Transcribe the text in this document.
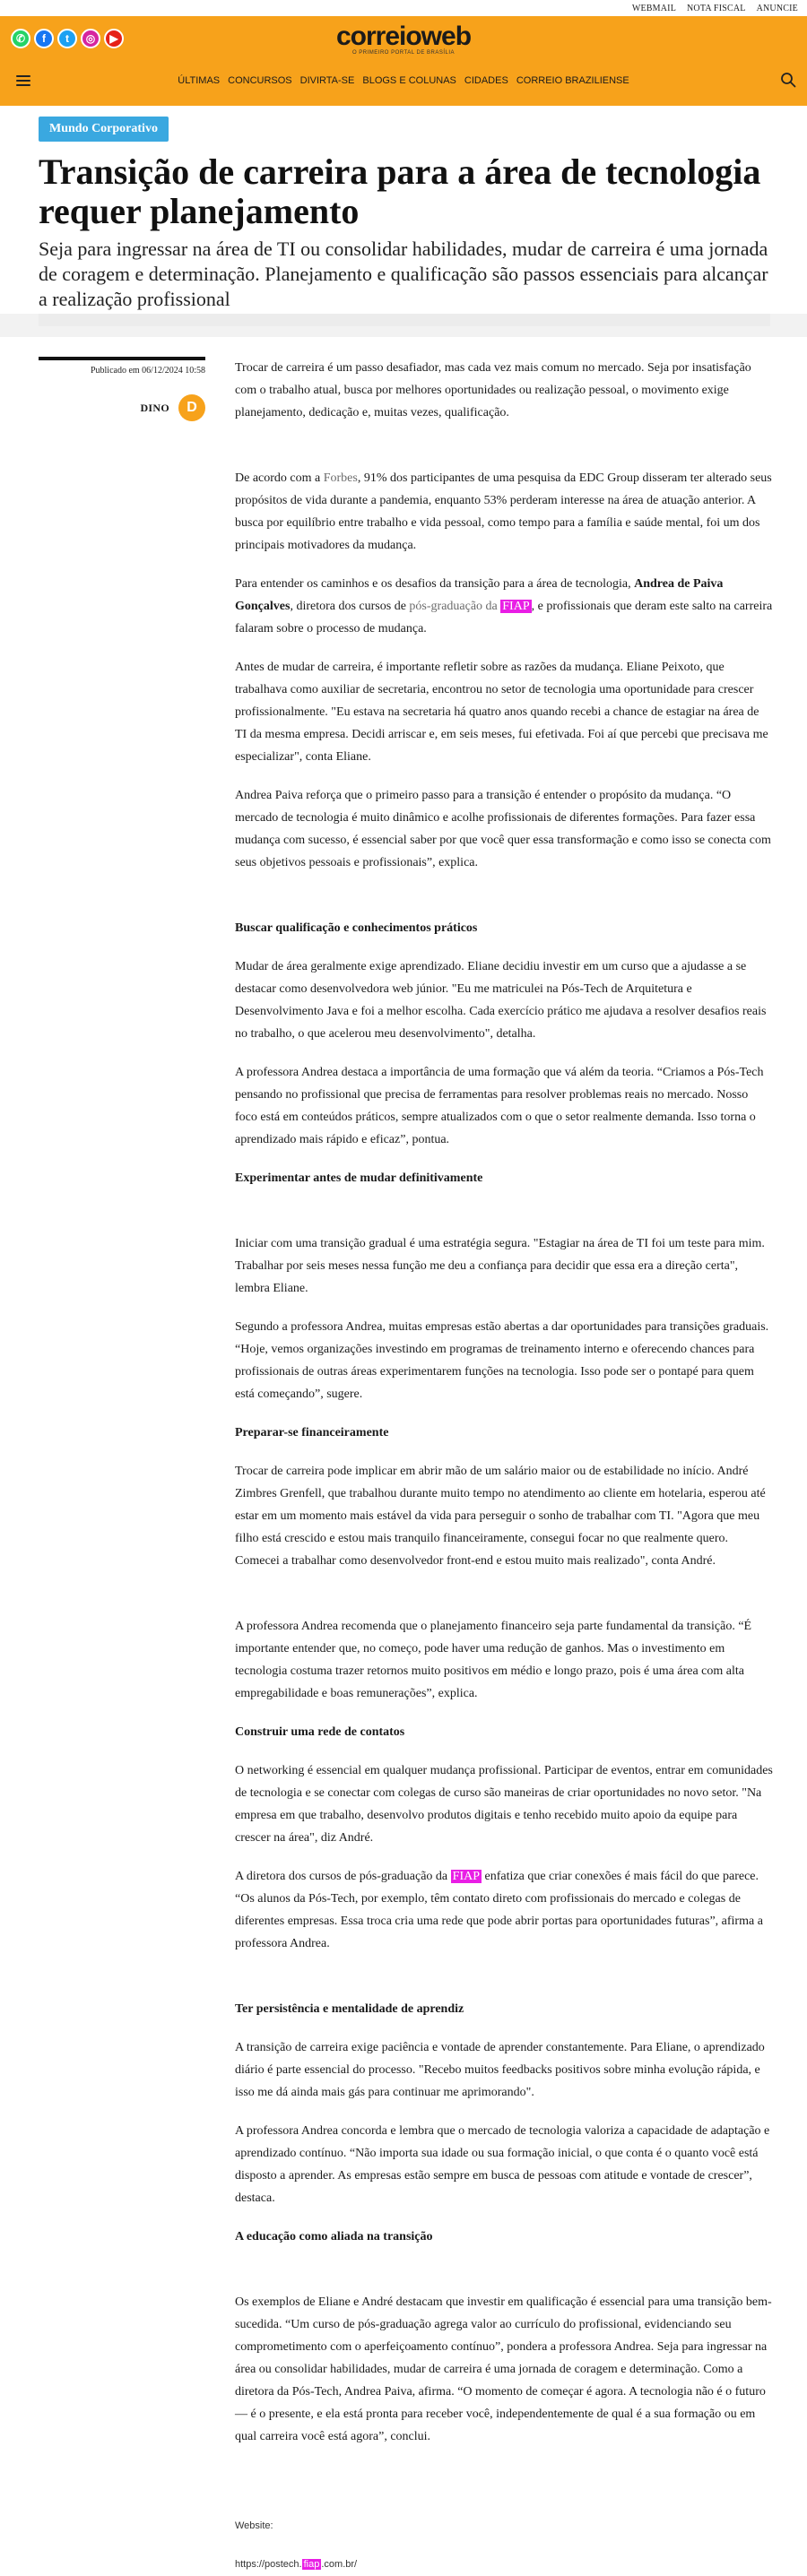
WEBMAIL NOTA FISCAL ANUNCIE
✆	f	t	◎	▶	correioweb
O PRIMEIRO PORTAL DE BRASÍLIA
ÚLTIMAS CONCURSOS DIVIRTA-SE BLOGS E COLUNAS CIDADES CORREIO BRAZILIENSE
Mundo Corporativo
Transição de carreira para a área de tecnologia requer planejamento
Seja para ingressar na área de TI ou consolidar habilidades, mudar de carreira é uma jornada de coragem e determinação. Planejamento e qualificação são passos essenciais para alcançar a realização profissional
Publicado em 06/12/2024 10:58
DINO	D

Trocar de carreira é um passo desafiador, mas cada vez mais comum no mercado. Seja por insatisfação com o trabalho atual, busca por melhores oportunidades ou realização pessoal, o movimento exige planejamento, dedicação e, muitas vezes, qualificação.

De acordo com a Forbes, 91% dos participantes de uma pesquisa da EDC Group disseram ter alterado seus propósitos de vida durante a pandemia, enquanto 53% perderam interesse na área de atuação anterior. A busca por equilíbrio entre trabalho e vida pessoal, como tempo para a família e saúde mental, foi um dos principais motivadores da mudança.

Para entender os caminhos e os desafios da transição para a área de tecnologia, Andrea de Paiva Gonçalves, diretora dos cursos de pós-graduação da FIAP , e profissionais que deram este salto na carreira falaram sobre o processo de mudança.

Antes de mudar de carreira, é importante refletir sobre as razões da mudança. Eliane Peixoto, que trabalhava como auxiliar de secretaria, encontrou no setor de tecnologia uma oportunidade para crescer profissionalmente. "Eu estava na secretaria há quatro anos quando recebi a chance de estagiar na área de TI da mesma empresa. Decidi arriscar e, em seis meses, fui efetivada. Foi aí que percebi que precisava me especializar", conta Eliane.

Andrea Paiva reforça que o primeiro passo para a transição é entender o propósito da mudança. “O mercado de tecnologia é muito dinâmico e acolhe profissionais de diferentes formações. Para fazer essa mudança com sucesso, é essencial saber por que você quer essa transformação e como isso se conecta com seus objetivos pessoais e profissionais”, explica.

Buscar qualificação e conhecimentos práticos

Mudar de área geralmente exige aprendizado. Eliane decidiu investir em um curso que a ajudasse a se destacar como desenvolvedora web júnior. "Eu me matriculei na Pós-Tech de Arquitetura e Desenvolvimento Java e foi a melhor escolha. Cada exercício prático me ajudava a resolver desafios reais no trabalho, o que acelerou meu desenvolvimento", detalha.

A professora Andrea destaca a importância de uma formação que vá além da teoria. “Criamos a Pós-Tech pensando no profissional que precisa de ferramentas para resolver problemas reais no mercado. Nosso foco está em conteúdos práticos, sempre atualizados com o que o setor realmente demanda. Isso torna o aprendizado mais rápido e eficaz”, pontua.

Experimentar antes de mudar definitivamente

Iniciar com uma transição gradual é uma estratégia segura. "Estagiar na área de TI foi um teste para mim. Trabalhar por seis meses nessa função me deu a confiança para decidir que essa era a direção certa", lembra Eliane.

Segundo a professora Andrea, muitas empresas estão abertas a dar oportunidades para transições graduais. “Hoje, vemos organizações investindo em programas de treinamento interno e oferecendo chances para profissionais de outras áreas experimentarem funções na tecnologia. Isso pode ser o pontapé para quem está começando”, sugere.

Preparar-se financeiramente

Trocar de carreira pode implicar em abrir mão de um salário maior ou de estabilidade no início. André Zimbres Grenfell, que trabalhou durante muito tempo no atendimento ao cliente em hotelaria, esperou até estar em um momento mais estável da vida para perseguir o sonho de trabalhar com TI. "Agora que meu filho está crescido e estou mais tranquilo financeiramente, consegui focar no que realmente quero. Comecei a trabalhar como desenvolvedor front-end e estou muito mais realizado", conta André.

A professora Andrea recomenda que o planejamento financeiro seja parte fundamental da transição. “É importante entender que, no começo, pode haver uma redução de ganhos. Mas o investimento em tecnologia costuma trazer retornos muito positivos em médio e longo prazo, pois é uma área com alta empregabilidade e boas remunerações”, explica.

Construir uma rede de contatos

O networking é essencial em qualquer mudança profissional. Participar de eventos, entrar em comunidades de tecnologia e se conectar com colegas de curso são maneiras de criar oportunidades no novo setor. "Na empresa em que trabalho, desenvolvo produtos digitais e tenho recebido muito apoio da equipe para crescer na área", diz André.

A diretora dos cursos de pós-graduação da FIAP enfatiza que criar conexões é mais fácil do que parece. “Os alunos da Pós-Tech, por exemplo, têm contato direto com profissionais do mercado e colegas de diferentes empresas. Essa troca cria uma rede que pode abrir portas para oportunidades futuras”, afirma a professora Andrea.

Ter persistência e mentalidade de aprendiz

A transição de carreira exige paciência e vontade de aprender constantemente. Para Eliane, o aprendizado diário é parte essencial do processo. "Recebo muitos feedbacks positivos sobre minha evolução rápida, e isso me dá ainda mais gás para continuar me aprimorando".

A professora Andrea concorda e lembra que o mercado de tecnologia valoriza a capacidade de adaptação e aprendizado contínuo. “Não importa sua idade ou sua formação inicial, o que conta é o quanto você está disposto a aprender. As empresas estão sempre em busca de pessoas com atitude e vontade de crescer”, destaca.

A educação como aliada na transição

Os exemplos de Eliane e André destacam que investir em qualificação é essencial para uma transição bem-sucedida. “Um curso de pós-graduação agrega valor ao currículo do profissional, evidenciando seu comprometimento com o aperfeiçoamento contínuo”, pondera a professora Andrea. Seja para ingressar na área ou consolidar habilidades, mudar de carreira é uma jornada de coragem e determinação. Como a diretora da Pós-Tech, Andrea Paiva, afirma. “O momento de começar é agora. A tecnologia não é o futuro — é o presente, e ela está pronta para receber você, independentemente de qual é a sua formação ou em qual carreira você está agora”, conclui.

Website:

https://postech. fiap .com.br/
